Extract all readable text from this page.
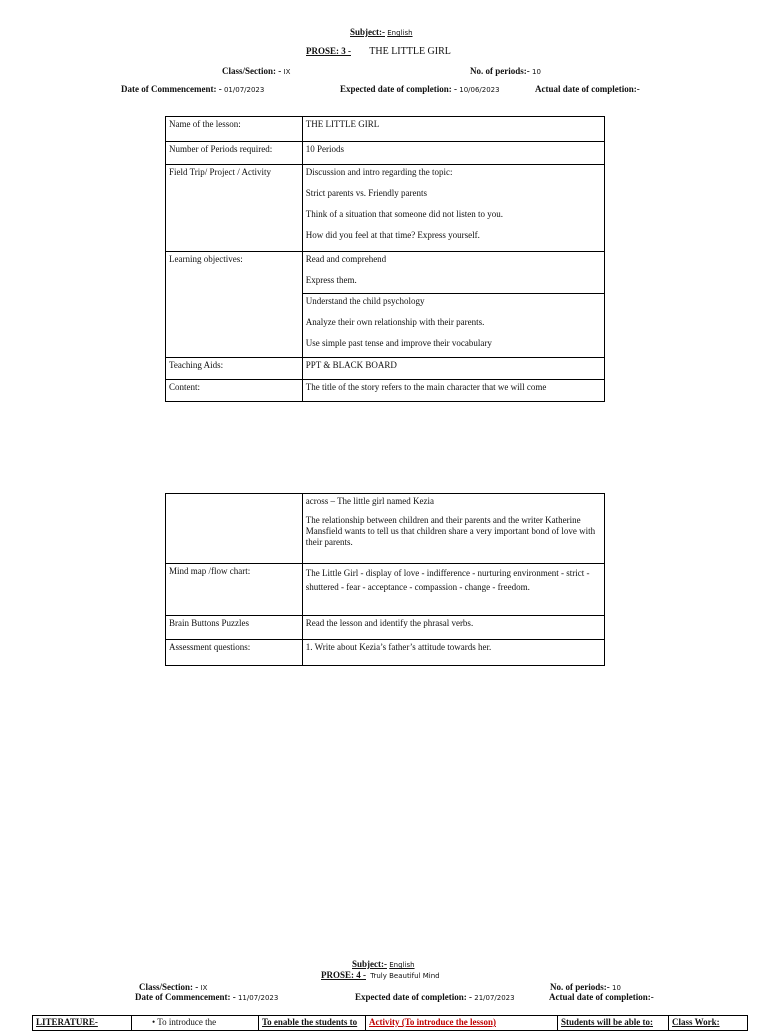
Subject:- English
PROSE: 3 - THE LITTLE GIRL
Class/Section: - IX	No. of periods:- 10
Date of Commencement: - 01/07/2023	Expected date of completion: - 10/06/2023	Actual date of completion:-
Name of the lesson:	THE LITTLE GIRL
Number of Periods required:	10 Periods
Field Trip/ Project / Activity	Discussion and intro regarding the topic:

Strict parents vs. Friendly parents

Think of a situation that someone did not listen to you.

How did you feel at that time? Express yourself.

Learning objectives:	Read and comprehend

Express them.

	Understand the child psychology

Analyze their own relationship with their parents.

Use simple past tense and improve their vocabulary

Teaching Aids:	PPT & BLACK BOARD
Content:	The title of the story refers to the main character that we will come

	across – The little girl named Kezia

The relationship between children and their parents and the writer Katherine Mansfield wants to tell us that children share a very important bond of love with their parents.

Mind map /flow chart:	The Little Girl - display of love - indifference - nurturing environment - strict - shuttered - fear - acceptance - compassion - change - freedom.
Brain Buttons Puzzles	Read the lesson and identify the phrasal verbs.
Assessment questions:	1. Write about Kezia’s father’s attitude towards her.
Subject:- English
PROSE: 4 - Truly Beautiful Mind
Class/Section: - IX	No. of periods:- 10
Date of Commencement: - 11/07/2023	Expected date of completion: - 21/07/2023	Actual date of completion:-
LITERATURE-	• To introduce the	To enable the students to	Activity (To introduce the lesson)	Students will be able to:	Class Work:
